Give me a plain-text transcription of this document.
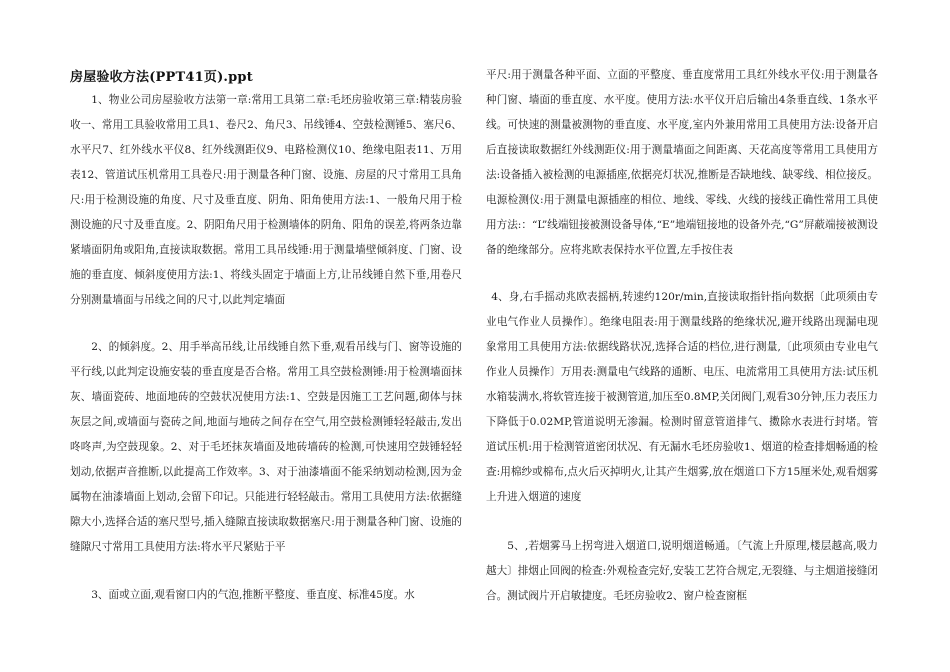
房屋验收方法(PPT41页).ppt

1、物业公司房屋验收方法第一章:常用工具第二章:毛坯房验收第三章:精装房验收一、常用工具验收常用工具1、卷尺2、角尺3、吊线锤4、空鼓检测锤5、塞尺6、水平尺7、红外线水平仪8、红外线测距仪9、电路检测仪10、绝缘电阻表11、万用表12、管道试压机常用工具卷尺:用于测量各种门窗、设施、房屋的尺寸常用工具角尺:用于检测设施的角度、尺寸及垂直度、阴角、阳角使用方法:1、一般角尺用于检测设施的尺寸及垂直度。2、阴阳角尺用于检测墙体的阴角、阳角的误差,将两条边靠紧墙面阴角或阳角,直接读取数据。常用工具吊线锤:用于测量墙壁倾斜度、门窗、设施的垂直度、倾斜度使用方法:1、将线头固定于墙面上方,让吊线锤自然下垂,用卷尺分别测量墙面与吊线之间的尺寸,以此判定墙面

2、的倾斜度。2、用手举高吊线,让吊线锤自然下垂,观看吊线与门、窗等设施的平行线,以此判定设施安装的垂直度是否合格。常用工具空鼓检测锤:用于检测墙面抹灰、墙面瓷砖、地面地砖的空鼓状况使用方法:1、空鼓是因施工工艺问题,砌体与抹灰层之间,或墙面与瓷砖之间,地面与地砖之间存在空气,用空鼓检测锤轻轻敲击,发出咚咚声,为空鼓现象。2、对于毛坯抹灰墙面及地砖墙砖的检测,可快速用空鼓锤轻轻划动,依据声音推断,以此提高工作效率。3、对于油漆墙面不能采纳划动检测,因为金属物在油漆墙面上划动,会留下印记。只能进行轻轻敲击。常用工具使用方法:依据缝隙大小,选择合适的塞尺型号,插入缝隙直接读取数据塞尺:用于测量各种门窗、设施的缝隙尺寸常用工具使用方法:将水平尺紧贴于平

3、面或立面,观看窗口内的气泡,推断平整度、垂直度、标准45度。水

平尺:用于测量各种平面、立面的平整度、垂直度常用工具红外线水平仪:用于测量各种门窗、墙面的垂直度、水平度。使用方法:水平仪开启后输出4条垂直线、1条水平线。可快速的测量被测物的垂直度、水平度,室内外兼用常用工具使用方法:设备开启后直接读取数据红外线测距仪:用于测量墙面之间距离、天花高度等常用工具使用方法:设备插入被检测的电源插座,依据亮灯状况,推断是否缺地线、缺零线、相位接反。电源检测仪:用于测量电源插座的相位、地线、零线、火线的接线正确性常用工具使用方法:：“L”线端钮接被测设备导体,“E”地端钮接地的设备外壳,“G”屏蔽端接被测设备的绝缘部分。应将兆欧表保持水平位置,左手按住表

4、身,右手摇动兆欧表摇柄,转速约120r/min,直接读取指针指向数据〔此项须由专业电气作业人员操作〕。绝缘电阻表:用于测量线路的绝缘状况,避开线路出现漏电现象常用工具使用方法:依据线路状况,选择合适的档位,进行测量,〔此项须由专业电气作业人员操作〕万用表:测量电气线路的通断、电压、电流常用工具使用方法:试压机水箱装满水,将软管连接于被测管道,加压至0.8MP,关闭阀门,观看30分钟,压力表压力下降低于0.02MP,管道说明无渗漏。检测时留意管道排气、擞除水表进行封堵。管道试压机:用于检测管道密闭状况、有无漏水毛坯房验收1、烟道的检查排烟畅通的检查:用棉纱或棉布,点火后灭掉明火,让其产生烟雾,放在烟道口下方15厘米处,观看烟雾上升进入烟道的速度

5、,若烟雾马上拐弯进入烟道口,说明烟道畅通。〔气流上升原理,楼层越高,吸力越大〕排烟止回阀的检查:外观检查完好,安装工艺符合规定,无裂缝、与主烟道接缝闭合。测试阀片开启敏捷度。毛坯房验收2、窗户检查窗框
